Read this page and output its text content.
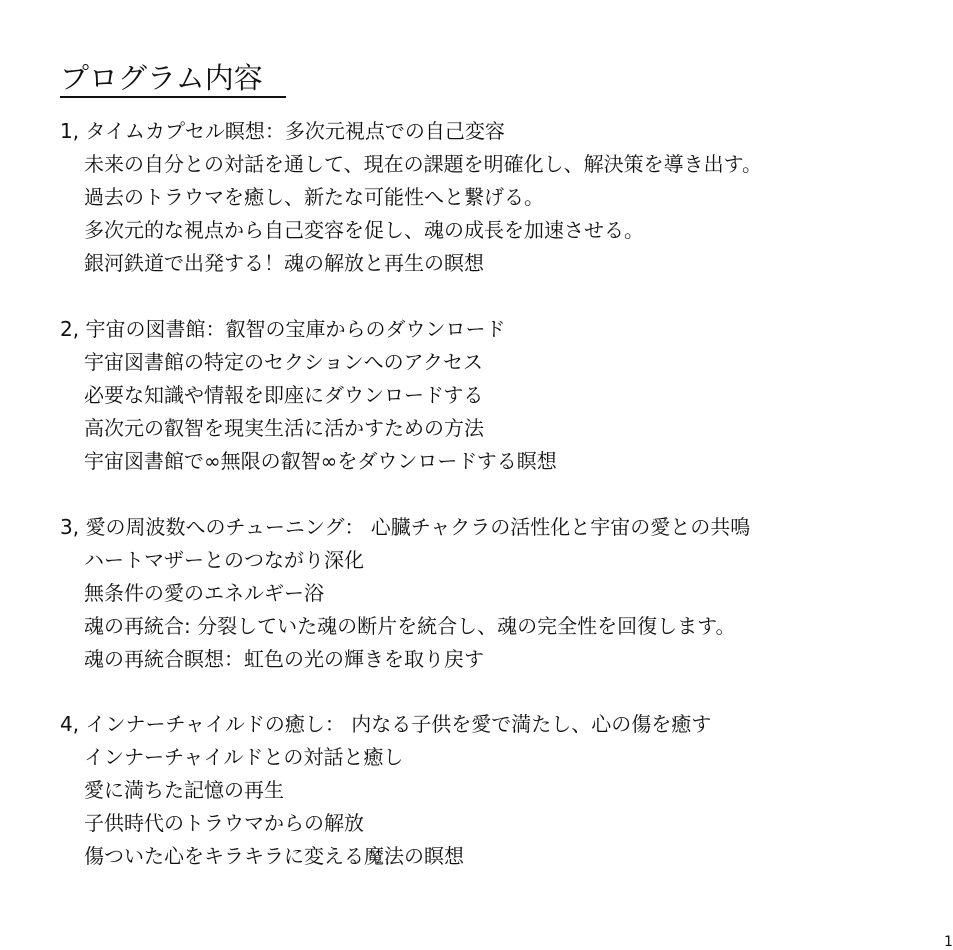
プログラム内容
1, タイムカプセル瞑想：多次元視点での自己変容
未来の自分との対話を通して、現在の課題を明確化し、解決策を導き出す。
過去のトラウマを癒し、新たな可能性へと繋げる。
多次元的な視点から自己変容を促し、魂の成長を加速させる。
銀河鉄道で出発する！魂の解放と再生の瞑想
2, 宇宙の図書館：叡智の宝庫からのダウンロード
宇宙図書館の特定のセクションへのアクセス
必要な知識や情報を即座にダウンロードする
高次元の叡智を現実生活に活かすための方法
宇宙図書館で∞無限の叡智∞をダウンロードする瞑想
3, 愛の周波数へのチューニング： 心臓チャクラの活性化と宇宙の愛との共鳴
ハートマザーとのつながり深化
無条件の愛のエネルギー浴
魂の再統合: 分裂していた魂の断片を統合し、魂の完全性を回復します。
魂の再統合瞑想：虹色の光の輝きを取り戻す
4, インナーチャイルドの癒し： 内なる子供を愛で満たし、心の傷を癒す
インナーチャイルドとの対話と癒し
愛に満ちた記憶の再生
子供時代のトラウマからの解放
傷ついた心をキラキラに変える魔法の瞑想
1
